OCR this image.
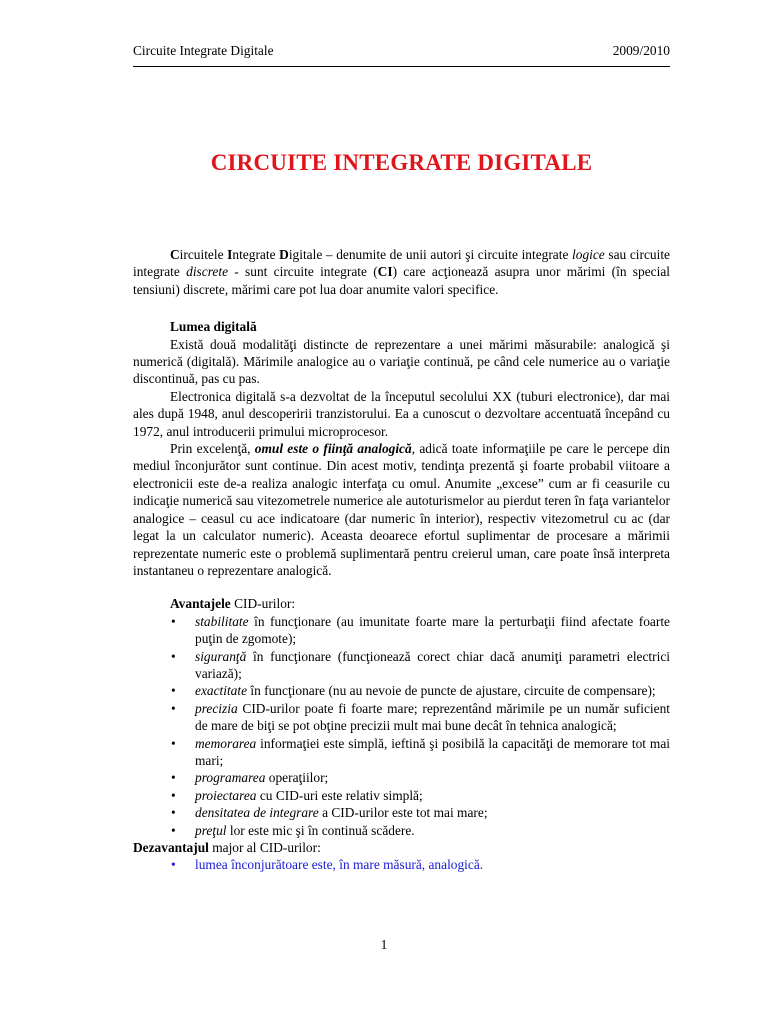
Circuite Integrate Digitale	2009/2010
CIRCUITE INTEGRATE DIGITALE

Circuitele Integrate Digitale – denumite de unii autori şi circuite integrate logice sau circuite integrate discrete - sunt circuite integrate (CI) care acţionează asupra unor mărimi (în special tensiuni) discrete, mărimi care pot lua doar anumite valori specifice.

Lumea digitală

Există două modalităţi distincte de reprezentare a unei mărimi măsurabile: analogică şi numerică (digitală). Mărimile analogice au o variaţie continuă, pe când cele numerice au o variaţie discontinuă, pas cu pas.

Electronica digitală s-a dezvoltat de la începutul secolului XX (tuburi electronice), dar mai ales după 1948, anul descoperirii tranzistorului. Ea a cunoscut o dezvoltare accentuată începând cu 1972, anul introducerii primului microprocesor.

Prin excelenţă, omul este o fiinţă analogică, adică toate informaţiile pe care le percepe din mediul înconjurător sunt continue. Din acest motiv, tendinţa prezentă şi foarte probabil viitoare a electronicii este de-a realiza analogic interfaţa cu omul. Anumite „excese” cum ar fi ceasurile cu indicaţie numerică sau vitezometrele numerice ale autoturismelor au pierdut teren în faţa variantelor analogice – ceasul cu ace indicatoare (dar numeric în interior), respectiv vitezometrul cu ac (dar legat la un calculator numeric). Aceasta deoarece efortul suplimentar de procesare a mărimii reprezentate numeric este o problemă suplimentară pentru creierul uman, care poate însă interpreta instantaneu o reprezentare analogică.

Avantajele CID-urilor:
• stabilitate în funcţionare (au imunitate foarte mare la perturbaţii fiind afectate foarte puţin de zgomote);
• siguranţă în funcţionare (funcţionează corect chiar dacă anumiţi parametri electrici variază);
• exactitate în funcţionare (nu au nevoie de puncte de ajustare, circuite de compensare);
• precizia CID-urilor poate fi foarte mare; reprezentând mărimile pe un număr suficient de mare de biţi se pot obţine precizii mult mai bune decât în tehnica analogică;
• memorarea informaţiei este simplă, ieftină şi posibilă la capacităţi de memorare tot mai mari;
• programarea operaţiilor;
• proiectarea cu CID-uri este relativ simplă;
• densitatea de integrare a CID-urilor este tot mai mare;
• preţul lor este mic şi în continuă scădere.
Dezavantajul major al CID-urilor:
• lumea înconjurătoare este, în mare măsură, analogică.
1
